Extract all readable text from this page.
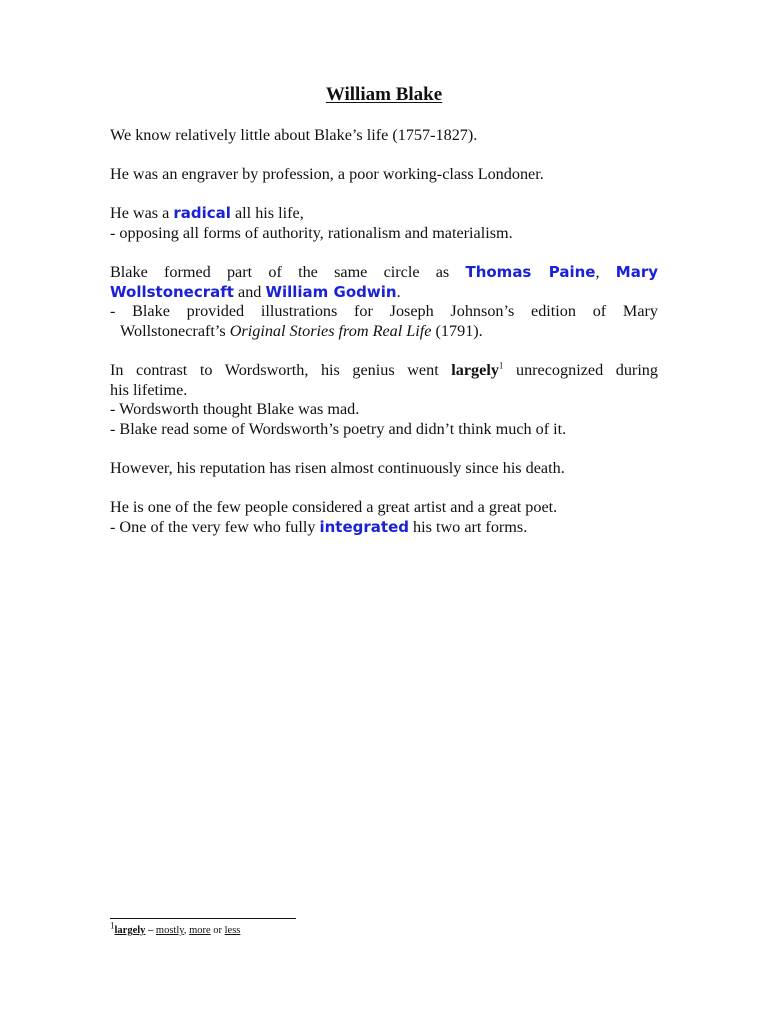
William Blake

We know relatively little about Blake’s life (1757-1827).

He was an engraver by profession, a poor working-class Londoner.

He was a radical all his life,
- opposing all forms of authority, rationalism and materialism.

Blake formed part of the same circle as Thomas Paine, Mary
Wollstonecraft and William Godwin.
- Blake provided illustrations for Joseph Johnson’s edition of Mary
Wollstonecraft’s Original Stories from Real Life (1791).

In contrast to Wordsworth, his genius went largely$^1$ unrecognized during
his lifetime.
- Wordsworth thought Blake was mad.
- Blake read some of Wordsworth’s poetry and didn’t think much of it.

However, his reputation has risen almost continuously since his death.

He is one of the few people considered a great artist and a great poet.
- One of the very few who fully integrated his two art forms.

$^1$largely – mostly, more or less
